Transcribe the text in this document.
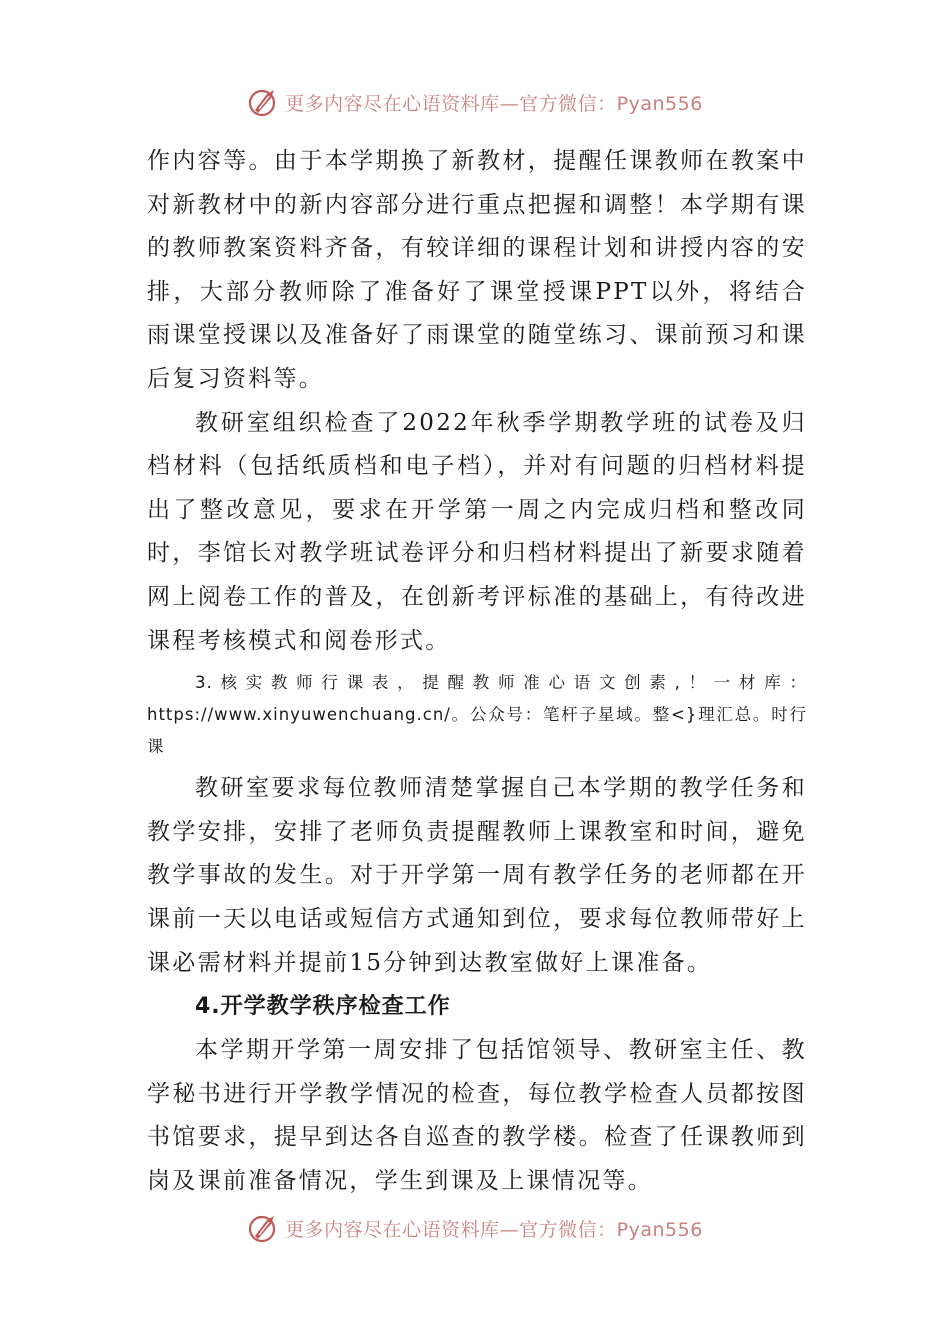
更多内容尽在心语资料库—官方微信：Pyan556

作内容等。由于本学期换了新教材，提醒任课教师在教案中对新教材中的新内容部分进行重点把握和调整！本学期有课的教师教案资料齐备，有较详细的课程计划和讲授内容的安排，大部分教师除了准备好了课堂授课PPT以外，将结合雨课堂授课以及准备好了雨课堂的随堂练习、课前预习和课后复习资料等。

教研室组织检查了2022年秋季学期教学班的试卷及归档材料（包括纸质档和电子档），并对有问题的归档材料提出了整改意见，要求在开学第一周之内完成归档和整改同时，李馆长对教学班试卷评分和归档材料提出了新要求随着网上阅卷工作的普及，在创新考评标准的基础上，有待改进课程考核模式和阅卷形式。

3.核实教师行课表，提醒教师准心语文创素,！一材库：https://www.xinyuwenchuang.cn/。公众号：笔杆子星域。整<}理汇总。时行课

教研室要求每位教师清楚掌握自己本学期的教学任务和教学安排，安排了老师负责提醒教师上课教室和时间，避免教学事故的发生。对于开学第一周有教学任务的老师都在开课前一天以电话或短信方式通知到位，要求每位教师带好上课必需材料并提前15分钟到达教室做好上课准备。

4.开学教学秩序检查工作

本学期开学第一周安排了包括馆领导、教研室主任、教学秘书进行开学教学情况的检查，每位教学检查人员都按图书馆要求，提早到达各自巡查的教学楼。检查了任课教师到岗及课前准备情况，学生到课及上课情况等。

更多内容尽在心语资料库—官方微信：Pyan556
